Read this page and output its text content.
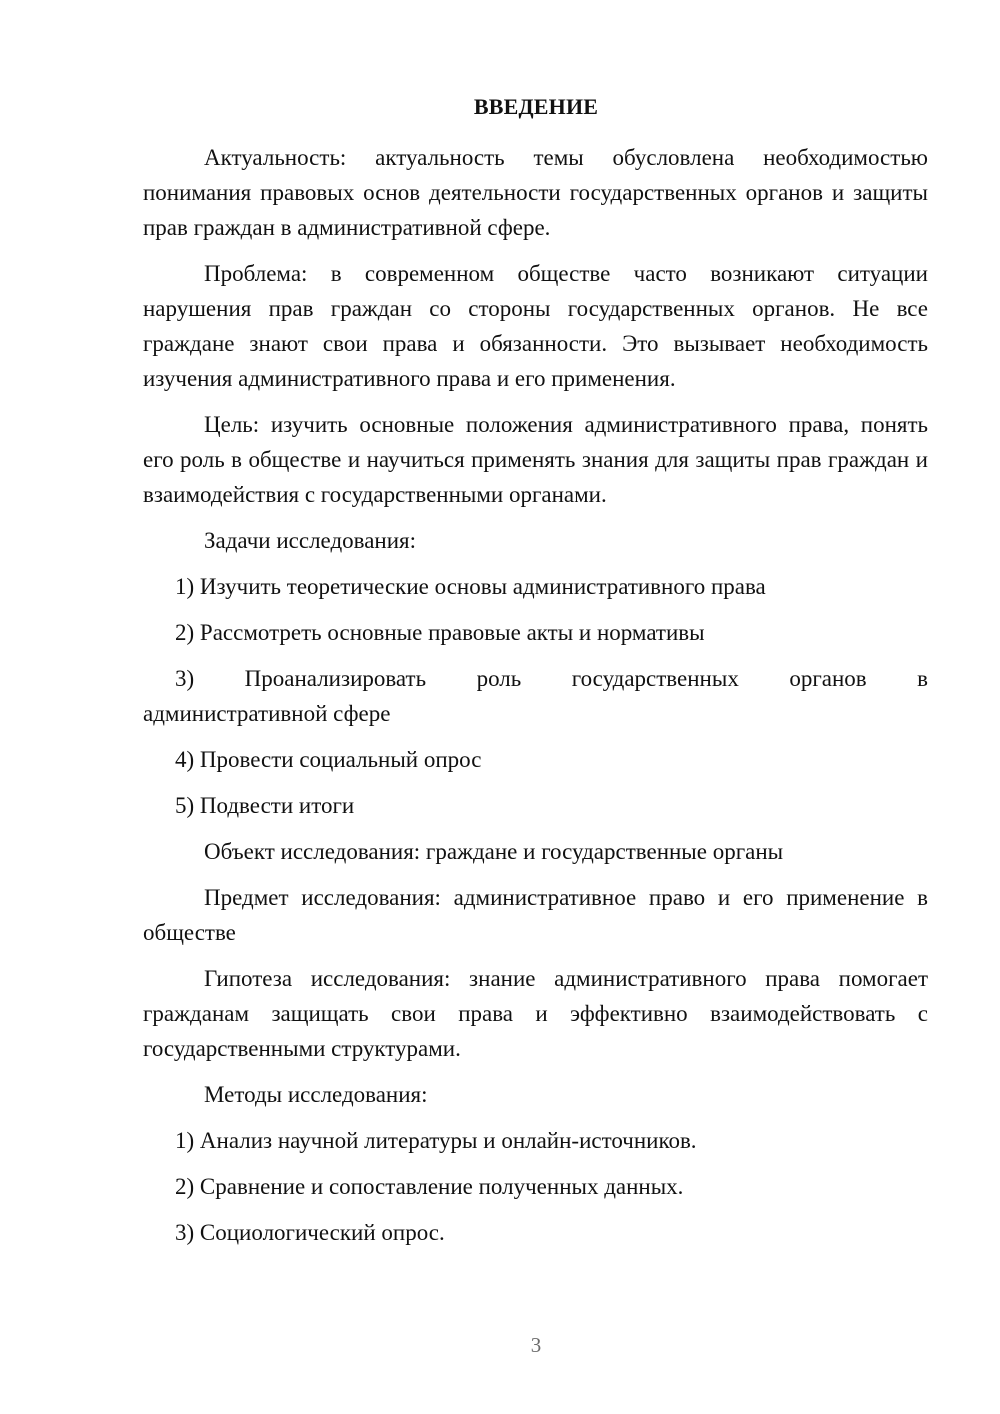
ВВЕДЕНИЕ

Актуальность: актуальность темы обусловлена необходимостью понимания правовых основ деятельности государственных органов и защиты прав граждан в административной сфере.

Проблема: в современном обществе часто возникают ситуации нарушения прав граждан со стороны государственных органов. Не все граждане знают свои права и обязанности. Это вызывает необходимость изучения административного права и его применения.

Цель: изучить основные положения административного права, понять его роль в обществе и научиться применять знания для защиты прав граждан и взаимодействия с государственными органами.

Задачи исследования:

1) Изучить теоретические основы административного права

2) Рассмотреть основные правовые акты и нормативы

3) Проанализировать роль государственных органов в

административной сфере

4) Провести социальный опрос

5) Подвести итоги

Объект исследования: граждане и государственные органы

Предмет исследования: административное право и его применение в обществе

Гипотеза исследования: знание административного права помогает гражданам защищать свои права и эффективно взаимодействовать с государственными структурами.

Методы исследования:

1) Анализ научной литературы и онлайн-источников.

2) Сравнение и сопоставление полученных данных.

3) Социологический опрос.

3
